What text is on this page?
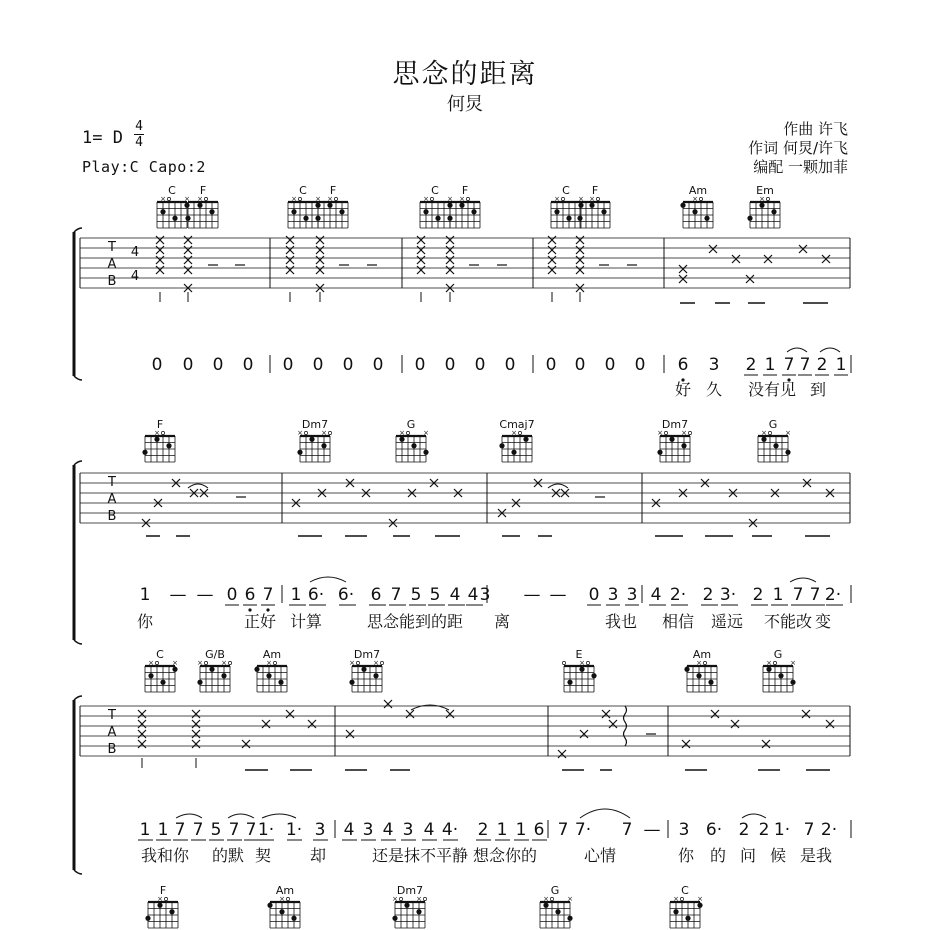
思念的距离
何炅
1= D
4
4
Play:C Capo:2
作曲 许飞
作词 何炅/许飞
编配 一颗加菲
C
×	×
F
×
C
×	×
F
×
C
×	×
F
×
C
×	×
F
×
Am
×
Em
×
T
A
B
4
4
0 0 0 0 0 0 0 0 0 0 0 0 0 0 0 0 6 3 2 1 7 7 2 1
好 久 没有见 到
F
×
Dm7
×	×
G
×	×
Cmaj7
×
Dm7
×	×
G
×	×
T
A
B
1 — —	3 — —
0 6 7	0 3 3
1 6· 6· 6 7 5 5 4 4	4 2· 2 3· 2 1 7 7 2·
你	正好 计算	思念能到的距 离	我也 相信 遥远 不能改 变
C
×	×
G/B
×	×
Am
×
Dm7
×	×
E
×
Am
×
G
×	×
T
A
B
1 1 7 7 5 7 7 1· 1· 3 4 3 4 3 4 4· 2 1 1 6 7 7· 7 — 3 6· 2 2 1· 7 2·
我和你 的默 契 却	还是抹不平静 想念你的	心情	你 的 问 候 是我
F
×
Am
×
Dm7
×	×
G
×	×
C
×	×
